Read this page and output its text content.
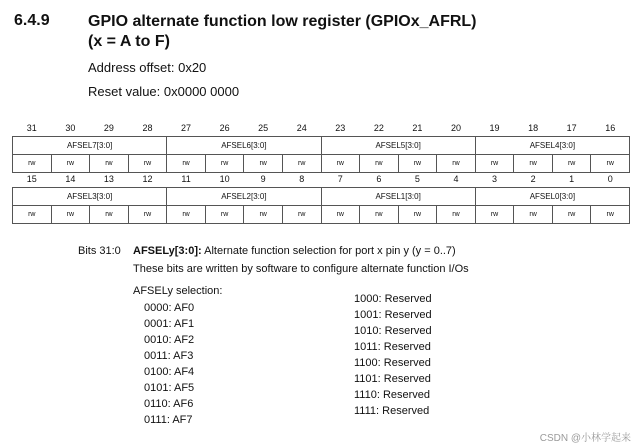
6.4.9 GPIO alternate function low register (GPIOx_AFRL)
(x = A to F)
Address offset: 0x20
Reset value: 0x0000 0000
31	30	29	28	27	26	25	24	23	22	21	20	19	18	17	16
AFSEL7[3:0]				AFSEL6[3:0]				AFSEL5[3:0]				AFSEL4[3:0]			
rw	rw	rw	rw	rw	rw	rw	rw	rw	rw	rw	rw	rw	rw	rw	rw
15	14	13	12	11	10	9	8	7	6	5	4	3	2	1	0
AFSEL3[3:0]				AFSEL2[3:0]				AFSEL1[3:0]				AFSEL0[3:0]			
rw	rw	rw	rw	rw	rw	rw	rw	rw	rw	rw	rw	rw	rw	rw	rw
Bits 31:0 AFSELy[3:0]: Alternate function selection for port x pin y (y = 0..7)
These bits are written by software to configure alternate function I/Os
AFSELy selection:
0000: AF0
0001: AF1
0010: AF2
0011: AF3
0100: AF4
0101: AF5
0110: AF6
0111: AF7
1000: Reserved
1001: Reserved
1010: Reserved
1011: Reserved
1100: Reserved
1101: Reserved
1110: Reserved
1111: Reserved
CSDN @小林学起来
